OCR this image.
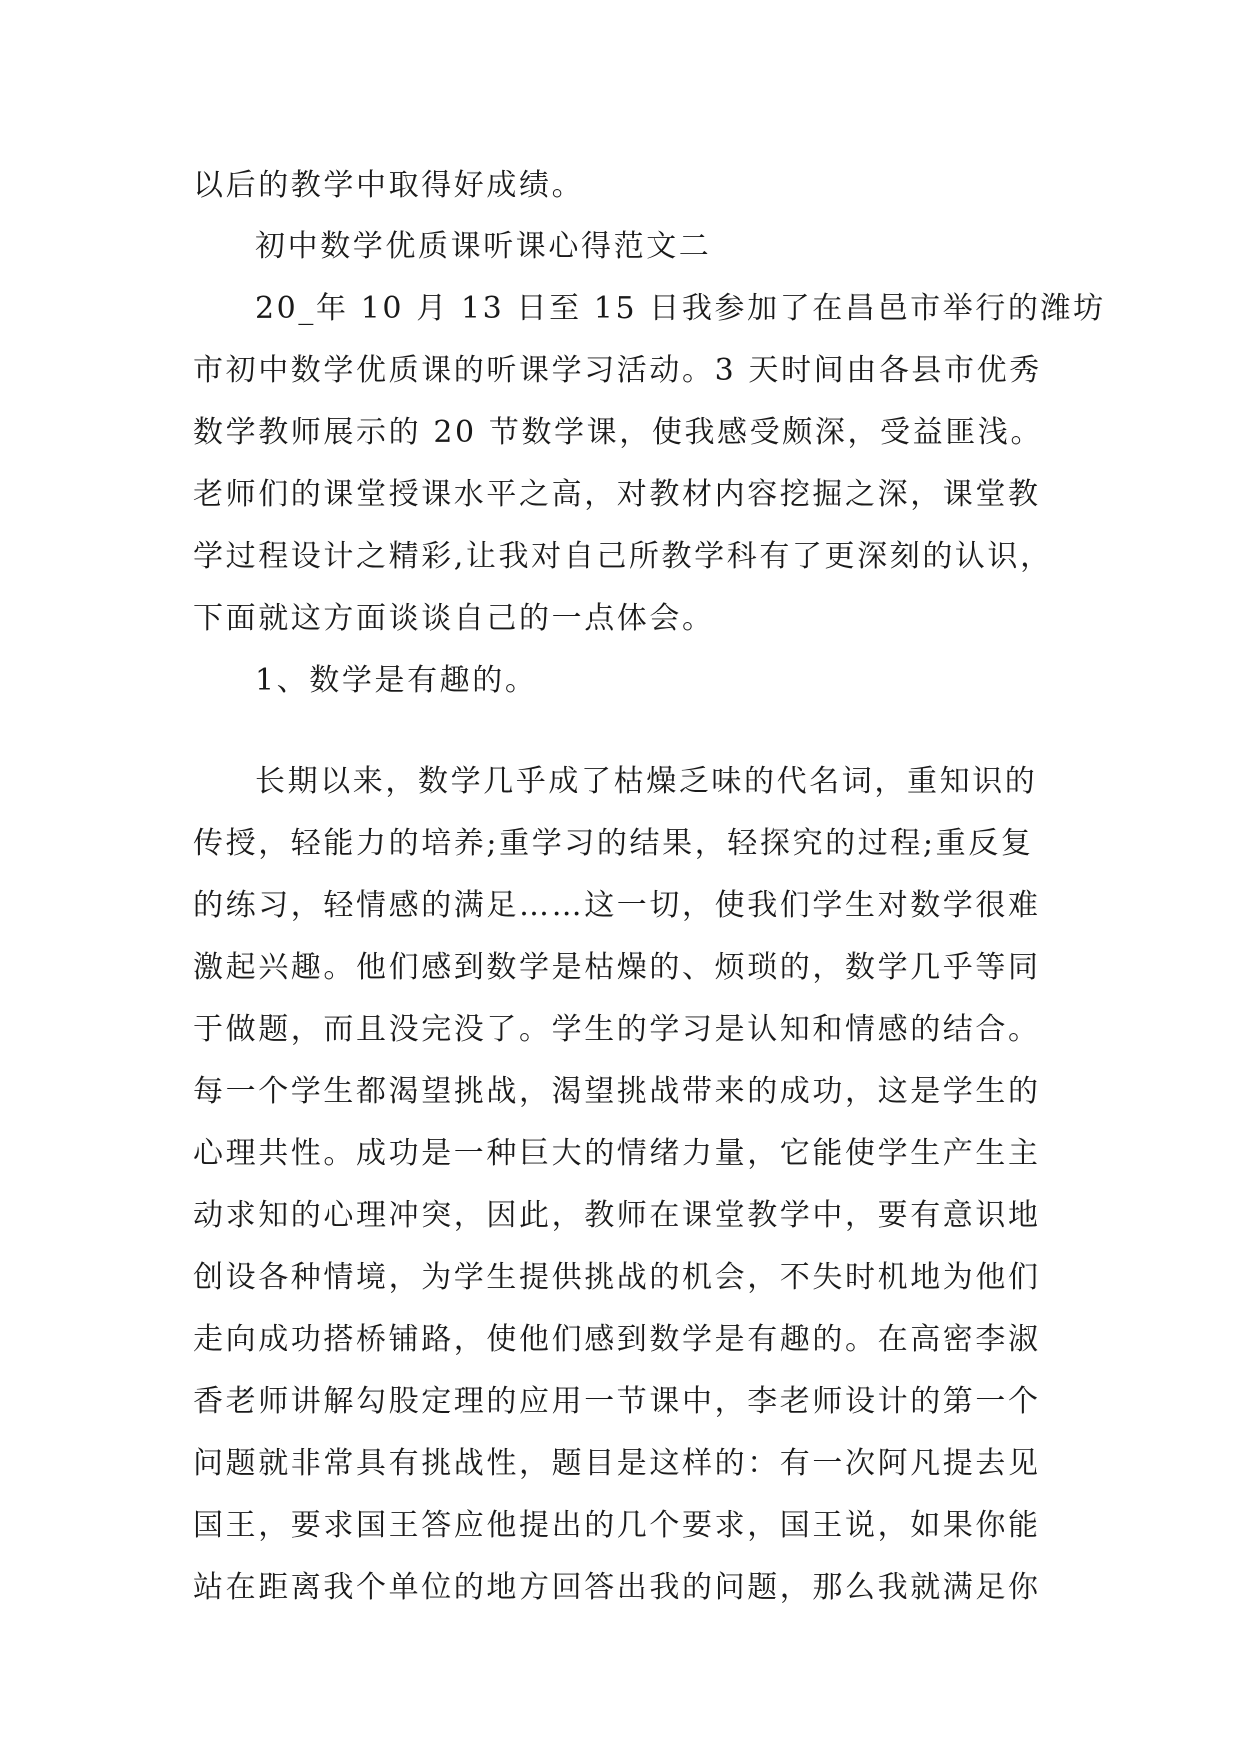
以后的教学中取得好成绩。
初中数学优质课听课心得范文二
20_年 10 月 13 日至 15 日我参加了在昌邑市举行的潍坊
市初中数学优质课的听课学习活动。3 天时间由各县市优秀
数学教师展示的 20 节数学课，使我感受颇深，受益匪浅。
老师们的课堂授课水平之高，对教材内容挖掘之深，课堂教
学过程设计之精彩,让我对自己所教学科有了更深刻的认识，
下面就这方面谈谈自己的一点体会。
1、数学是有趣的。
长期以来，数学几乎成了枯燥乏味的代名词，重知识的
传授，轻能力的培养;重学习的结果，轻探究的过程;重反复
的练习，轻情感的满足……这一切，使我们学生对数学很难
激起兴趣。他们感到数学是枯燥的、烦琐的，数学几乎等同
于做题，而且没完没了。学生的学习是认知和情感的结合。
每一个学生都渴望挑战，渴望挑战带来的成功，这是学生的
心理共性。成功是一种巨大的情绪力量，它能使学生产生主
动求知的心理冲突，因此，教师在课堂教学中，要有意识地
创设各种情境，为学生提供挑战的机会，不失时机地为他们
走向成功搭桥铺路，使他们感到数学是有趣的。在高密李淑
香老师讲解勾股定理的应用一节课中，李老师设计的第一个
问题就非常具有挑战性，题目是这样的：有一次阿凡提去见
国王，要求国王答应他提出的几个要求，国王说，如果你能
站在距离我个单位的地方回答出我的问题，那么我就满足你
